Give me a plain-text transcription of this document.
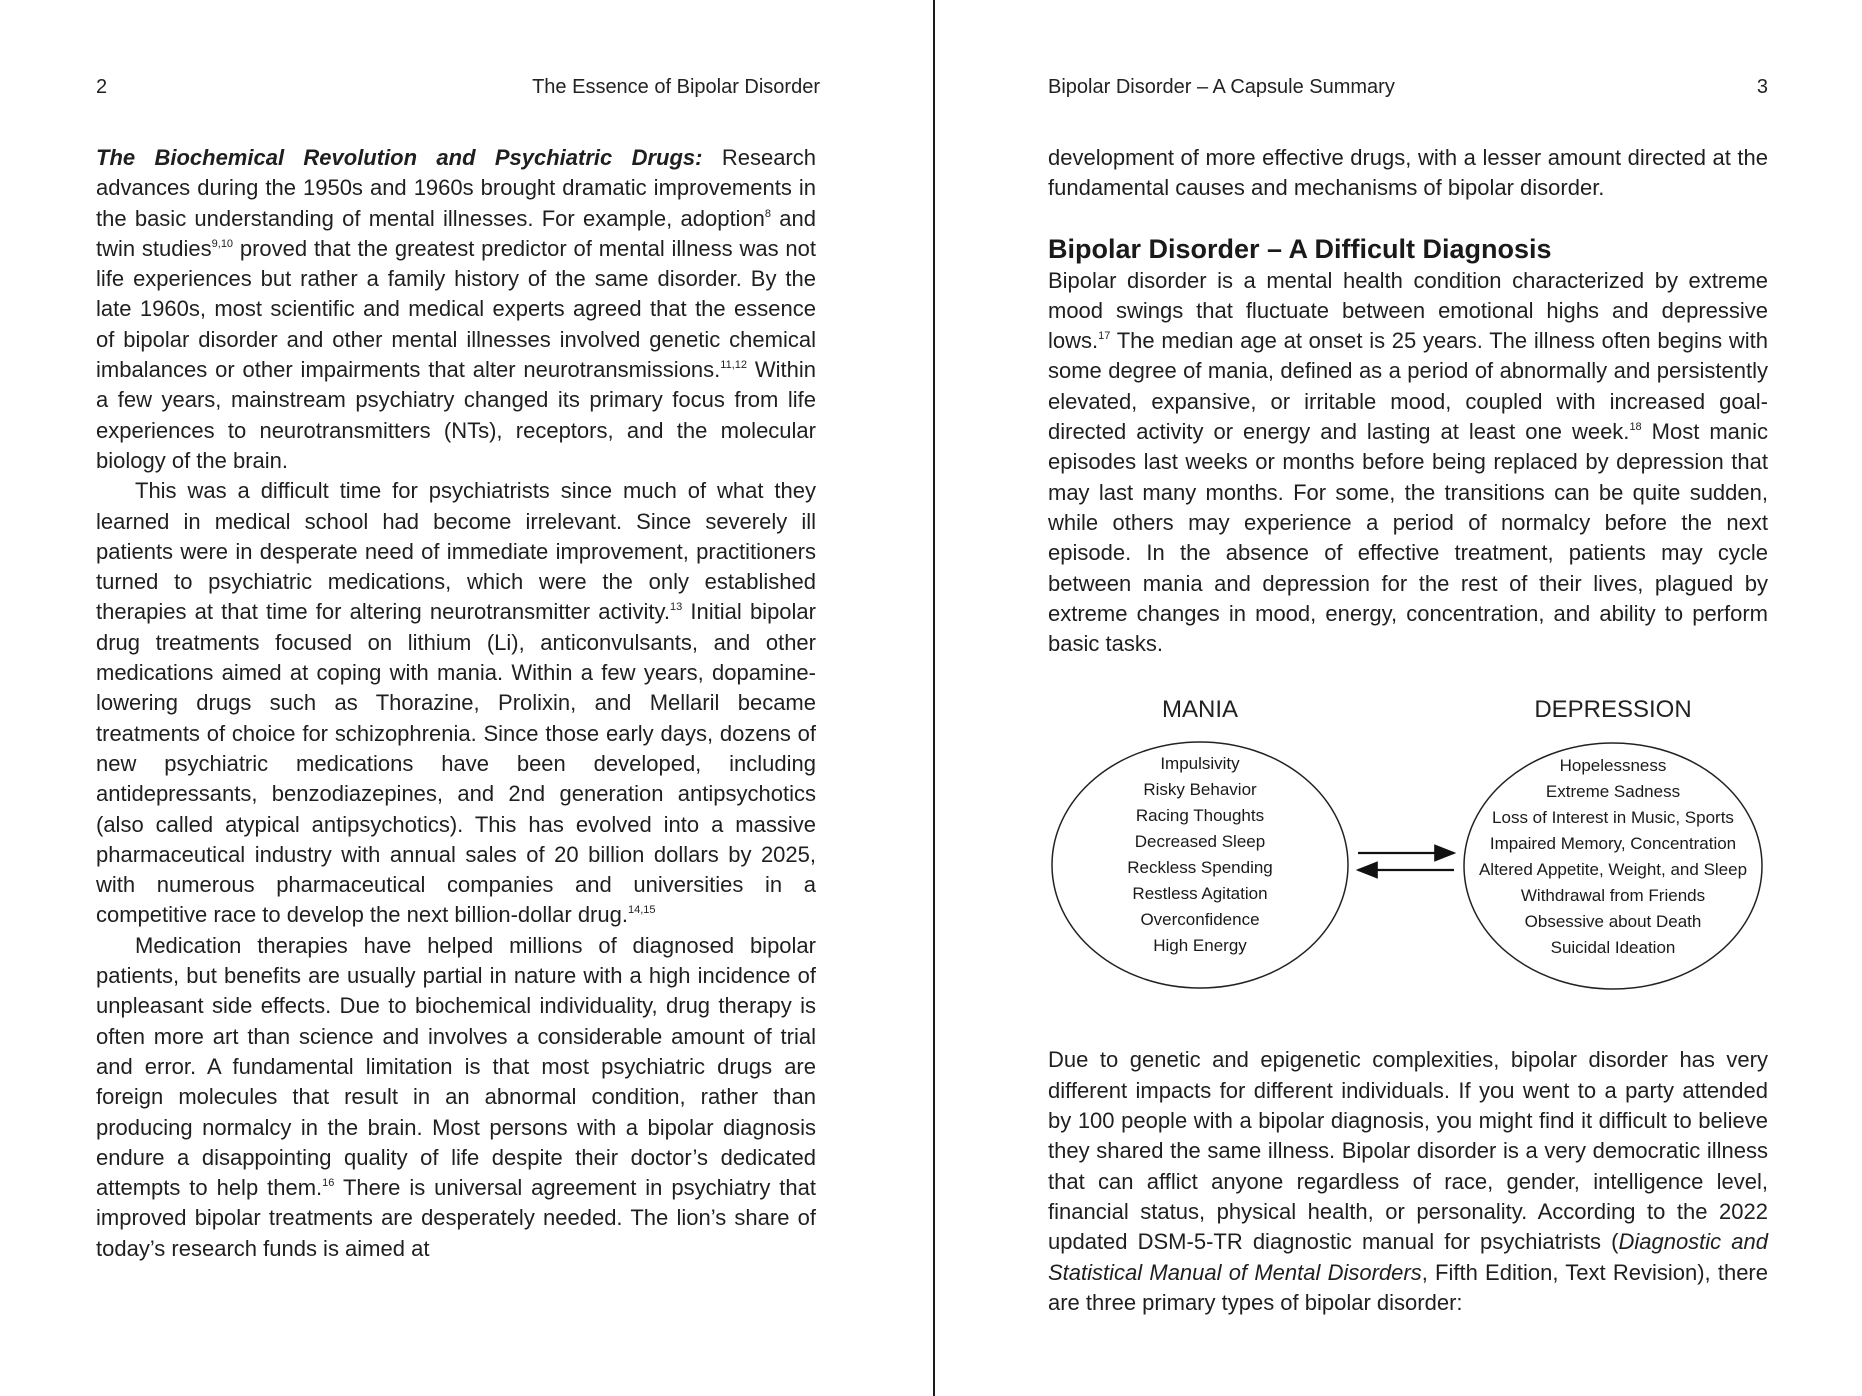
2	The Essence of Bipolar Disorder

The Biochemical Revolution and Psychiatric Drugs: Research advances during the 1950s and 1960s brought dramatic improvements in the basic understanding of mental illnesses. For example, adoption$^8$ and twin studies$^{9,10}$ proved that the greatest predictor of mental illness was not life experiences but rather a family history of the same disorder. By the late 1960s, most scientific and medical experts agreed that the essence of bipolar disorder and other mental illnesses involved genetic chemical imbalances or other impairments that alter neurotransmissions.$^{11,12}$ Within a few years, mainstream psychiatry changed its primary focus from life experiences to neurotransmitters (NTs), receptors, and the molecular biology of the brain.

This was a difficult time for psychiatrists since much of what they learned in medical school had become irrelevant. Since severely ill patients were in desperate need of immediate improvement, practitioners turned to psychiatric medications, which were the only established therapies at that time for altering neurotransmitter activity.$^{13}$ Initial bipolar drug treatments focused on lithium (Li), anticonvulsants, and other medications aimed at coping with mania. Within a few years, dopamine-lowering drugs such as Thorazine, Prolixin, and Mellaril became treatments of choice for schizophrenia. Since those early days, dozens of new psychiatric medications have been developed, including antidepressants, benzodiazepines, and 2nd generation antipsychotics (also called atypical antipsychotics). This has evolved into a massive pharmaceutical industry with annual sales of 20 billion dollars by 2025, with numerous pharmaceutical companies and universities in a competitive race to develop the next billion-dollar drug.$^{14,15}$

Medication therapies have helped millions of diagnosed bipolar patients, but benefits are usually partial in nature with a high incidence of unpleasant side effects. Due to biochemical individuality, drug therapy is often more art than science and involves a considerable amount of trial and error. A fundamental limitation is that most psychiatric drugs are foreign molecules that result in an abnormal condition, rather than producing normalcy in the brain. Most persons with a bipolar diagnosis endure a disappointing quality of life despite their doctor’s dedicated attempts to help them.$^{16}$ There is universal agreement in psychiatry that improved bipolar treatments are desperately needed. The lion’s share of today’s research funds is aimed at

Bipolar Disorder – A Capsule Summary	3

development of more effective drugs, with a lesser amount directed at the fundamental causes and mechanisms of bipolar disorder.

Bipolar Disorder – A Difficult Diagnosis

Bipolar disorder is a mental health condition characterized by extreme mood swings that fluctuate between emotional highs and depressive lows.$^{17}$ The median age at onset is 25 years. The illness often begins with some degree of mania, defined as a period of abnormally and persistently elevated, expansive, or irritable mood, coupled with increased goal-directed activity or energy and lasting at least one week.$^{18}$ Most manic episodes last weeks or months before being replaced by depression that may last many months. For some, the transitions can be quite sudden, while others may experience a period of normalcy before the next episode. In the absence of effective treatment, patients may cycle between mania and depression for the rest of their lives, plagued by extreme changes in mood, energy, concentration, and ability to perform basic tasks.

MANIA	DEPRESSION
Impulsivity
Risky Behavior
Racing Thoughts
Decreased Sleep
Reckless Spending
Restless Agitation
Overconfidence
High Energy
Hopelessness
Extreme Sadness
Loss of Interest in Music, Sports
Impaired Memory, Concentration
Altered Appetite, Weight, and Sleep
Withdrawal from Friends
Obsessive about Death
Suicidal Ideation

Due to genetic and epigenetic complexities, bipolar disorder has very different impacts for different individuals. If you went to a party attended by 100 people with a bipolar diagnosis, you might find it difficult to believe they shared the same illness. Bipolar disorder is a very democratic illness that can afflict anyone regardless of race, gender, intelligence level, financial status, physical health, or personality. According to the 2022 updated DSM-5-TR diagnostic manual for psychiatrists (Diagnostic and Statistical Manual of Mental Disorders, Fifth Edition, Text Revision), there are three primary types of bipolar disorder:
